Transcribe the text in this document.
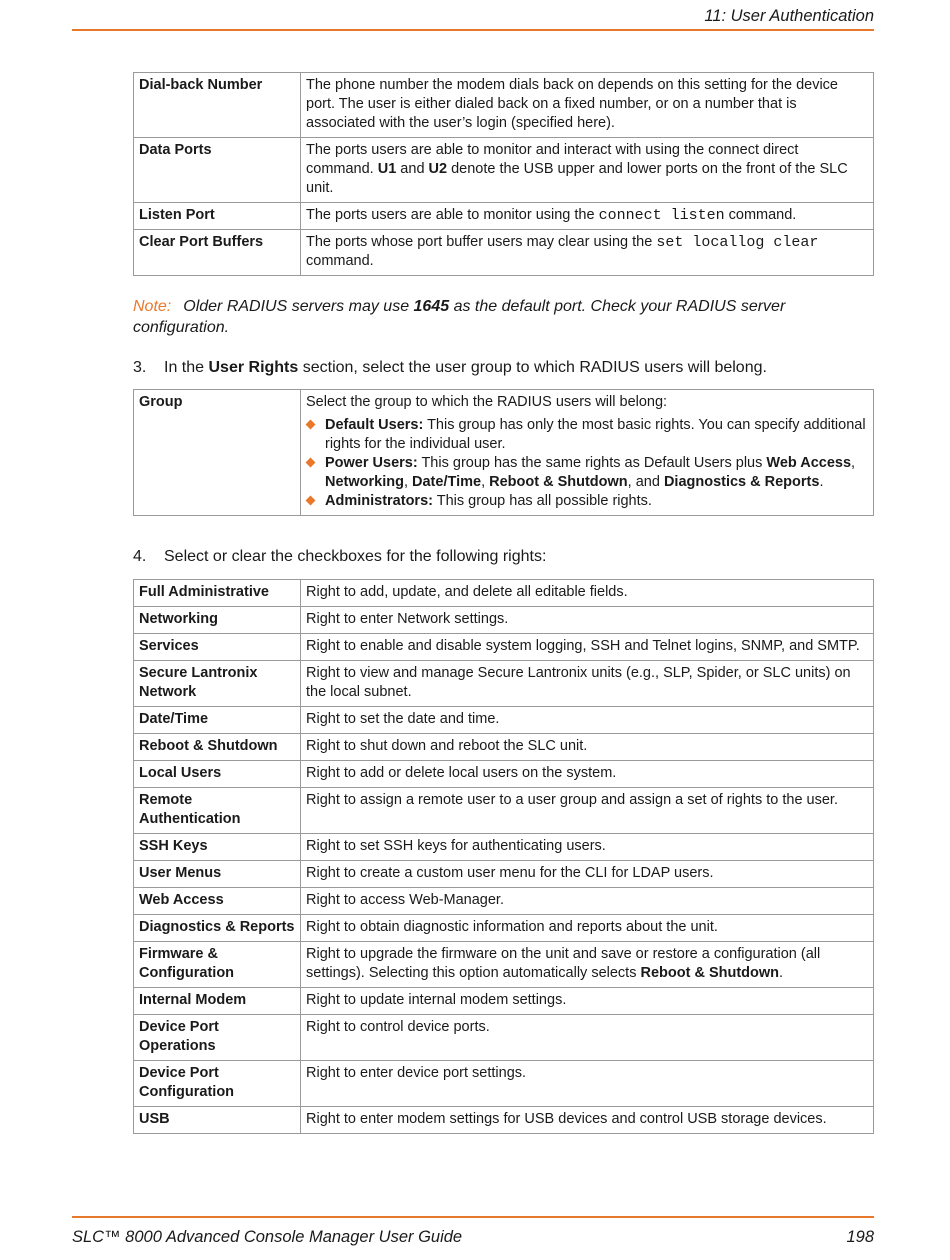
11: User Authentication
Dial-back Number	The phone number the modem dials back on depends on this setting for the device port. The user is either dialed back on a fixed number, or on a number that is associated with the user’s login (specified here).
Data Ports	The ports users are able to monitor and interact with using the connect direct command. U1 and U2 denote the USB upper and lower ports on the front of the SLC unit.
Listen Port	The ports users are able to monitor using the connect listen command.
Clear Port Buffers	The ports whose port buffer users may clear using the set locallog clear command.
Note: Older RADIUS servers may use 1645 as the default port. Check your RADIUS server configuration.
3. In the User Rights section, select the user group to which RADIUS users will belong.
Group	Select the group to which the RADIUS users will belong:
Default Users: This group has only the most basic rights. You can specify additional rights for the individual user.
Power Users: This group has the same rights as Default Users plus Web Access, Networking, Date/Time, Reboot & Shutdown, and Diagnostics & Reports.
Administrators: This group has all possible rights.
4. Select or clear the checkboxes for the following rights:
Full Administrative	Right to add, update, and delete all editable fields.
Networking	Right to enter Network settings.
Services	Right to enable and disable system logging, SSH and Telnet logins, SNMP, and SMTP.
Secure Lantronix Network	Right to view and manage Secure Lantronix units (e.g., SLP, Spider, or SLC units) on the local subnet.
Date/Time	Right to set the date and time.
Reboot & Shutdown	Right to shut down and reboot the SLC unit.
Local Users	Right to add or delete local users on the system.
Remote Authentication	Right to assign a remote user to a user group and assign a set of rights to the user.
SSH Keys	Right to set SSH keys for authenticating users.
User Menus	Right to create a custom user menu for the CLI for LDAP users.
Web Access	Right to access Web-Manager.
Diagnostics & Reports	Right to obtain diagnostic information and reports about the unit.
Firmware & Configuration	Right to upgrade the firmware on the unit and save or restore a configuration (all settings). Selecting this option automatically selects Reboot & Shutdown.
Internal Modem	Right to update internal modem settings.
Device Port Operations	Right to control device ports.
Device Port Configuration	Right to enter device port settings.
USB	Right to enter modem settings for USB devices and control USB storage devices.
SLC™ 8000 Advanced Console Manager User Guide	198
